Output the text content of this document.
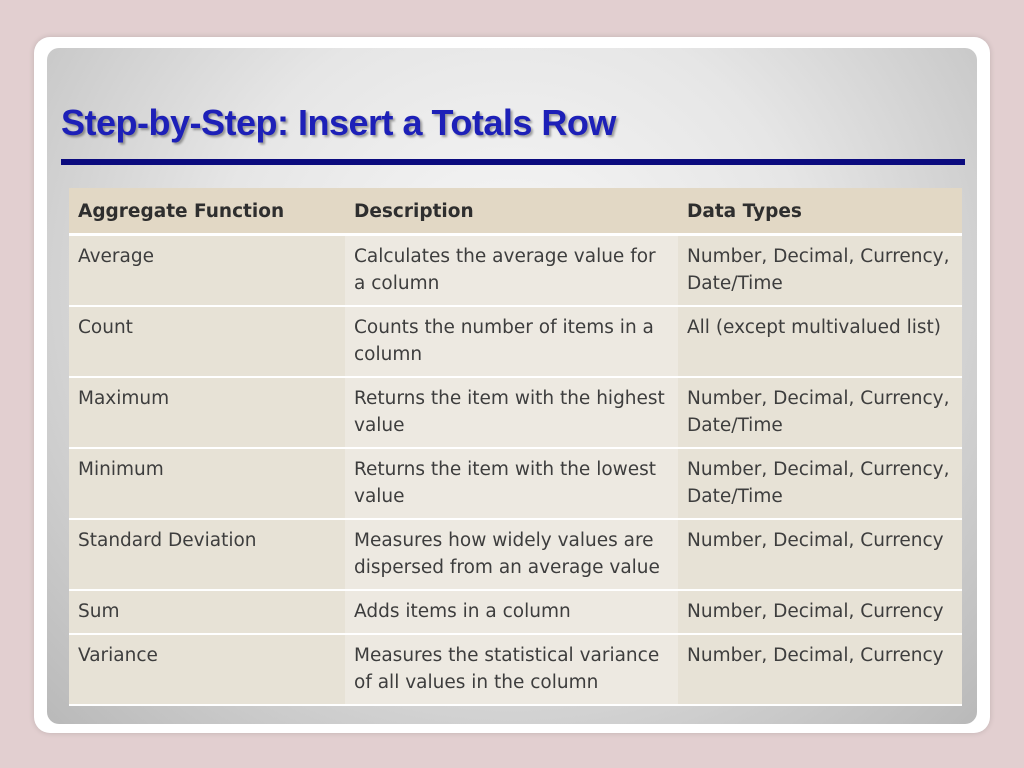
Step-by-Step: Insert a Totals Row
Aggregate Function	Description	Data Types
Average	Calculates the average value for a column	Number, Decimal, Currency, Date/Time
Count	Counts the number of items in a column	All (except multivalued list)
Maximum	Returns the item with the highest value	Number, Decimal, Currency, Date/Time
Minimum	Returns the item with the lowest value	Number, Decimal, Currency, Date/Time
Standard Deviation	Measures how widely values are dispersed from an average value	Number, Decimal, Currency
Sum	Adds items in a column	Number, Decimal, Currency
Variance	Measures the statistical variance of all values in the column	Number, Decimal, Currency
